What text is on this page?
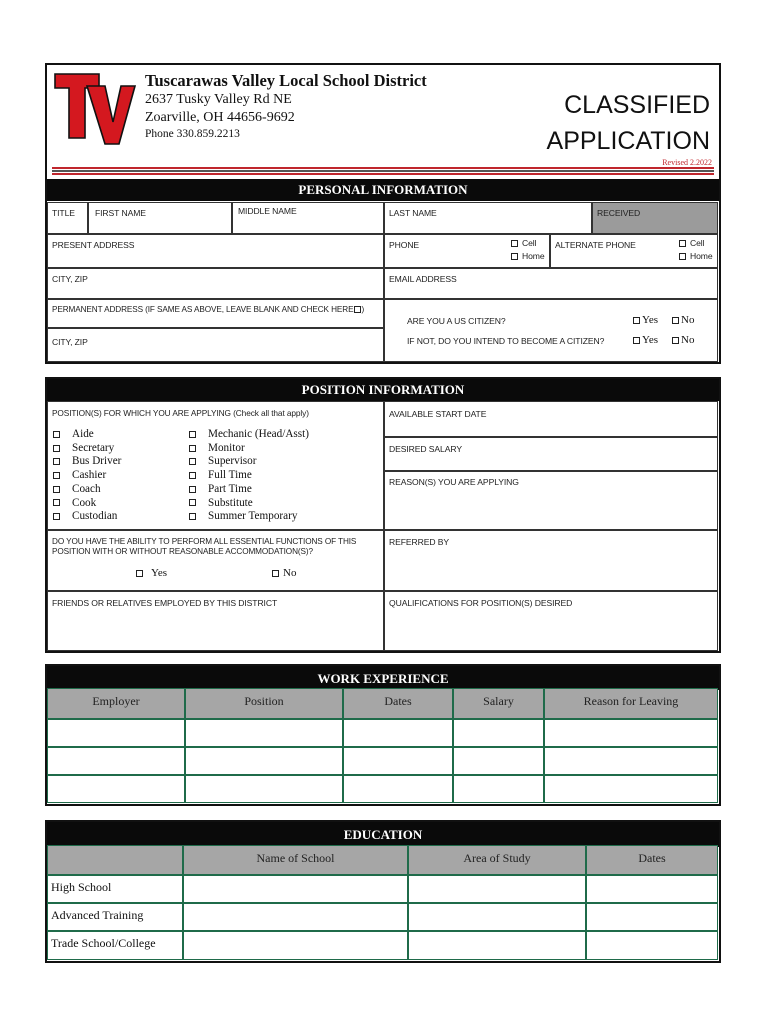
Tuscarawas Valley Local School District
2637 Tusky Valley Rd NE
Zoarville, OH 44656-9692
Phone 330.859.2213
CLASSIFIED
APPLICATION
Revised 2.2022
PERSONAL INFORMATION
TITLE	FIRST NAME	MIDDLE NAME	LAST NAME	RECEIVED
PRESENT ADDRESS	PHONE	Cell
Home
ALTERNATE PHONE	Cell
Home
CITY, ZIP	EMAIL ADDRESS
PERMANENT ADDRESS (IF SAME AS ABOVE, LEAVE BLANK AND CHECK HERE )
CITY, ZIP
ARE YOU A US CITIZEN?
IF NOT, DO YOU INTEND TO BECOME A CITIZEN?
Yes	No
Yes	No
POSITION INFORMATION
POSITION(S) FOR WHICH YOU ARE APPLYING (Check all that apply)
Aide
Secretary
Bus Driver
Cashier
Coach
Cook
Custodian
Mechanic (Head/Asst)
Monitor
Supervisor
Full Time
Part Time
Substitute
Summer Temporary
AVAILABLE START DATE
DESIRED SALARY
REASON(S) YOU ARE APPLYING
DO YOU HAVE THE ABILITY TO PERFORM ALL ESSENTIAL FUNCTIONS OF THIS POSITION WITH OR WITHOUT REASONABLE ACCOMMODATION(S)?
Yes	No
REFERRED BY
FRIENDS OR RELATIVES EMPLOYED BY THIS DISTRICT	QUALIFICATIONS FOR POSITION(S) DESIRED
WORK EXPERIENCE
Employer	Position	Dates	Salary	Reason for Leaving
EDUCATION
Name of School	Area of Study	Dates
High School
Advanced Training
Trade School/College
